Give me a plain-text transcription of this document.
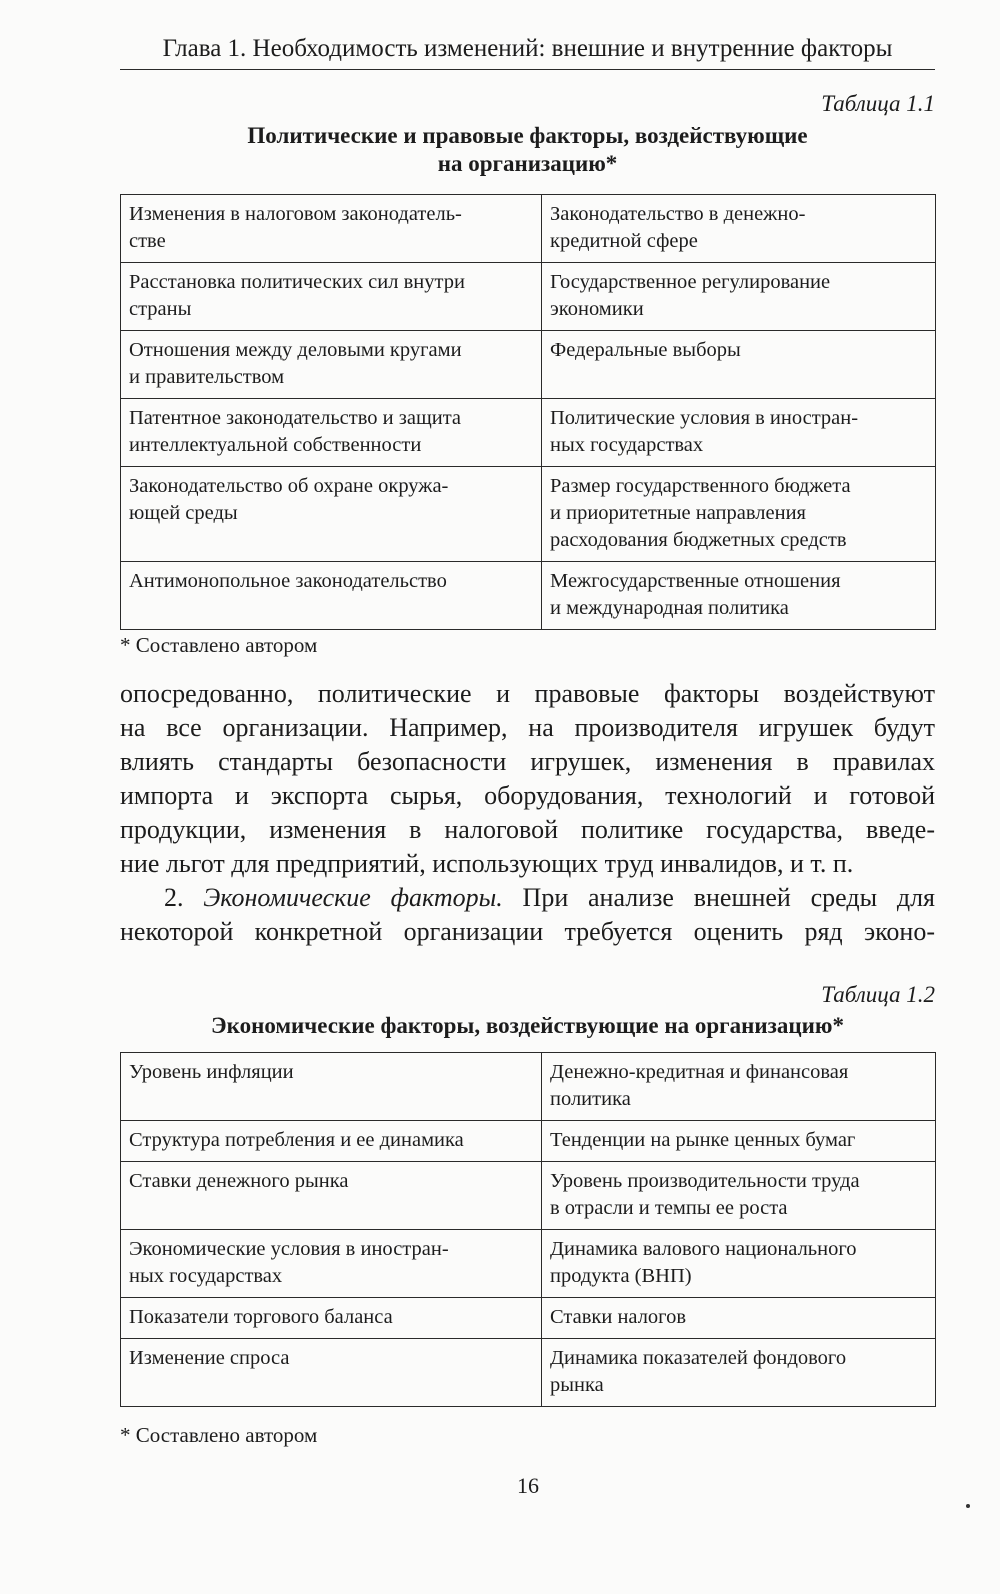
Глава 1. Необходимость изменений: внешние и внутренние факторы
Таблица 1.1
Политические и правовые факторы, воздействующие
на организацию*
Изменения в налоговом законодатель-
стве	Законодательство в денежно-
кредитной сфере

Расстановка политических сил внутри
страны	Государственное регулирование
экономики

Отношения между деловыми кругами
и правительством	Федеральные выборы

Патентное законодательство и защита
интеллектуальной собственности	Политические условия в иностран-
ных государствах

Законодательство об охране окружа-
ющей среды	Размер государственного бюджета
и приоритетные направления
расходования бюджетных средств

Антимонопольное законодательство	Межгосударственные отношения
и международная политика
* Составлено автором
опосредованно, политические и правовые факторы воздействуют
на все организации. Например, на производителя игрушек будут
влиять стандарты безопасности игрушек, изменения в правилах
импорта и экспорта сырья, оборудования, технологий и готовой
продукции, изменения в налоговой политике государства, введе-
ние льгот для предприятий, использующих труд инвалидов, и т. п.
2. Экономические факторы. При анализе внешней среды для
некоторой конкретной организации требуется оценить ряд эконо-
Таблица 1.2
Экономические факторы, воздействующие на организацию*
Уровень инфляции	Денежно-кредитная и финансовая
политика

Структура потребления и ее динамика	Тенденции на рынке ценных бумаг

Ставки денежного рынка	Уровень производительности труда
в отрасли и темпы ее роста

Экономические условия в иностран-
ных государствах	Динамика валового национального
продукта (ВНП)

Показатели торгового баланса	Ставки налогов

Изменение спроса	Динамика показателей фондового
рынка
* Составлено автором
16
